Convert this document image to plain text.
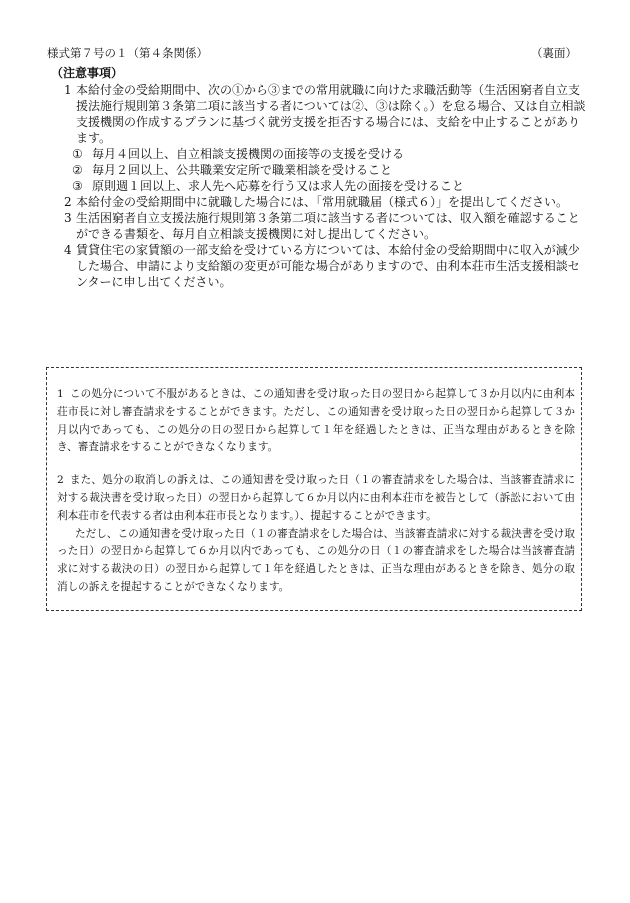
様式第７号の１（第４条関係）	（裏面）
（注意事項）

1 本給付金の受給期間中、次の①から③までの常用就職に向けた求職活動等（生活困窮者自立支援法施行規則第３条第二項に該当する者については②、③は除く。）を怠る場合、又は自立相談支援機関の作成するプランに基づく就労支援を拒否する場合には、支給を中止することがあります。

① 毎月４回以上、自立相談支援機関の面接等の支援を受ける

② 毎月２回以上、公共職業安定所で職業相談を受けること

③ 原則週１回以上、求人先へ応募を行う又は求人先の面接を受けること

2 本給付金の受給期間中に就職した場合には、「常用就職届（様式６）」を提出してください。

3 生活困窮者自立支援法施行規則第３条第二項に該当する者については、収入額を確認することができる書類を、毎月自立相談支援機関に対し提出してください。

4 賃貸住宅の家賃額の一部支給を受けている方については、本給付金の受給期間中に収入が減少した場合、申請により支給額の変更が可能な場合がありますので、由利本荘市生活支援相談センターに申し出てください。

1 この処分について不服があるときは、この通知書を受け取った日の翌日から起算して３か月以内に由利本荘市長に対し審査請求をすることができます。ただし、この通知書を受け取った日の翌日から起算して３か月以内であっても、この処分の日の翌日から起算して１年を経過したときは、正当な理由があるときを除き、審査請求をすることができなくなります。

2 また、処分の取消しの訴えは、この通知書を受け取った日（１の審査請求をした場合は、当該審査請求に対する裁決書を受け取った日）の翌日から起算して６か月以内に由利本荘市を被告として（訴訟において由利本荘市を代表する者は由利本荘市長となります。）、提起することができます。

ただし、この通知書を受け取った日（１の審査請求をした場合は、当該審査請求に対する裁決書を受け取った日）の翌日から起算して６か月以内であっても、この処分の日（１の審査請求をした場合は当該審査請求に対する裁決の日）の翌日から起算して１年を経過したときは、正当な理由があるときを除き、処分の取消しの訴えを提起することができなくなります。
